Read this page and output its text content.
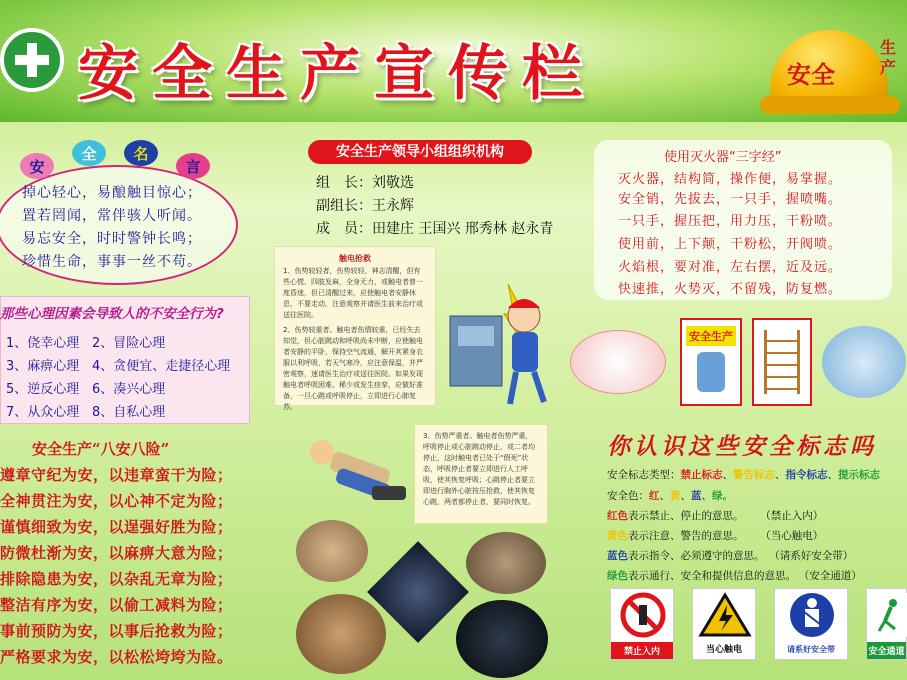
安全生产宣传栏	安全
生产
安
全	名
言
掉心轻心，易酿触目惊心；
置若罔闻，常伴骇人听闻。
易忘安全，时时警钟长鸣；
珍惜生命，事事一丝不苟。
那些心理因素会导致人的不安全行为?
1、侥幸心理 2、冒险心理
3、麻痹心理 4、贪便宜、走捷径心理
5、逆反心理 6、凑兴心理
7、从众心理 8、自私心理
安全生产“八安八险”
遵章守纪为安，以违章蛮干为险；
全神贯注为安，以心神不定为险；
谨慎细致为安，以逞强好胜为险；
防微杜渐为安，以麻痹大意为险；
排除隐患为安，以杂乱无章为险；
整洁有序为安，以偷工减料为险；
事前预防为安，以事后抢救为险；
严格要求为安，以松松垮垮为险。
安全生产领导小组组织机构
组　长：刘敬选
副组长：王永辉
成　员：田建庄 王国兴 邢秀林 赵永青
触电抢救
1、伤势较轻者，伤势较轻、神志清醒，但有些心慌、四肢发麻，全身无力，或触电者曾一度昏迷，但已清醒过来，应使触电者安静休息，不要走动，注意观察并请医生前来治疗或送往医院。
2、伤势较重者。触电者伤情较重，已经失去知觉，但心脏跳动和呼吸尚未中断，应使触电者安静的平卧，保持空气流通，解开其紧身衣服以利呼吸，若天气寒冷，应注意保温，并严密观察，速请医生治疗或送往医院。如果发现触电者呼吸困难、稀少或发生痉挛，应做好准备，一旦心跳或呼吸停止，立即进行心肺复苏。
3、伤势严重者。触电者伤势严重，呼吸停止或心脏跳动停止，或二者均停止，这时触电者已处于“假死”状态，呼吸停止者要立即进行人工呼吸，使其恢复呼吸；心跳停止者要立即进行胸外心脏按压抢救，使其恢复心跳，两者都停止者，要同时恢复。
使用灭火器“三字经”
灭火器，结构简，操作便，易掌握。
安全销，先拔去，一只手，握喷嘴。
一只手，握压把，用力压，干粉喷。
使用前，上下颠，干粉松，开阀喷。
火焰根，要对准，左右摆，近及远。
快速推，火势灭，不留残，防复燃。
安全生产
你认识这些安全标志吗
安全标志类型：禁止标志、警告标志、指令标志、提示标志
安全色：红、黄、蓝、绿。
红色表示禁止、停止的意思。 （禁止入内）
黄色表示注意、警告的意思。 （当心触电）
蓝色表示指令、必须遵守的意思。 （请系好安全带）
绿色表示通行、安全和提供信息的意思。 （安全通道）
禁止入内	当心触电	请系好安全带	安全通道
